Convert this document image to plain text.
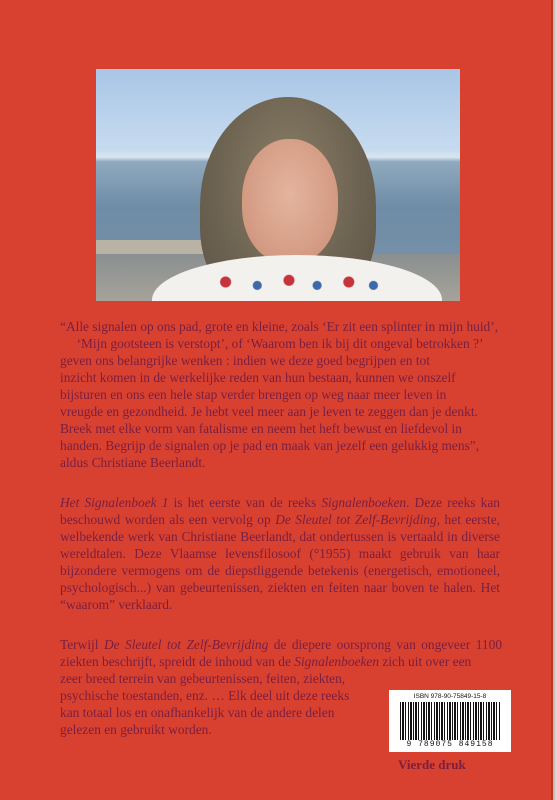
“Alle signalen op ons pad, grote en kleine, zoals ‘Er zit een splinter in mijn huid’,
‘Mijn gootsteen is verstopt’, of ‘Waarom ben ik bij dit ongeval betrokken ?’
geven ons belangrijke wenken : indien we deze goed begrijpen en tot
inzicht komen in de werkelijke reden van hun bestaan, kunnen we onszelf
bijsturen en ons een hele stap verder brengen op weg naar meer leven in
vreugde en gezondheid. Je hebt veel meer aan je leven te zeggen dan je denkt.
Breek met elke vorm van fatalisme en neem het heft bewust en liefdevol in
handen. Begrijp de signalen op je pad en maak van jezelf een gelukkig mens”,
aldus Christiane Beerlandt.

Het Signalenboek 1 is het eerste van de reeks Signalenboeken. Deze reeks kan beschouwd worden als een vervolg op De Sleutel tot Zelf-Bevrijding, het eerste, welbekende werk van Christiane Beerlandt, dat ondertussen is vertaald in diverse wereldtalen. Deze Vlaamse levensfilosoof (°1955) maakt gebruik van haar bijzondere vermogens om de diepstliggende betekenis (energetisch, emotioneel, psychologisch...) van gebeurtenissen, ziekten en feiten naar boven te halen. Het “waarom” verklaard.

Terwijl De Sleutel tot Zelf-Bevrijding de diepere oorsprong van ongeveer 1100 ziekten beschrijft, spreidt de inhoud van de Signalenboeken zich uit over een

zeer breed terrein van gebeurtenissen, feiten, ziekten,
psychische toestanden, enz. … Elk deel uit deze reeks
kan totaal los en onafhankelijk van de andere delen
gelezen en gebruikt worden.
ISBN 978-90-75849-15-8
9 789075 849158
Vierde druk
